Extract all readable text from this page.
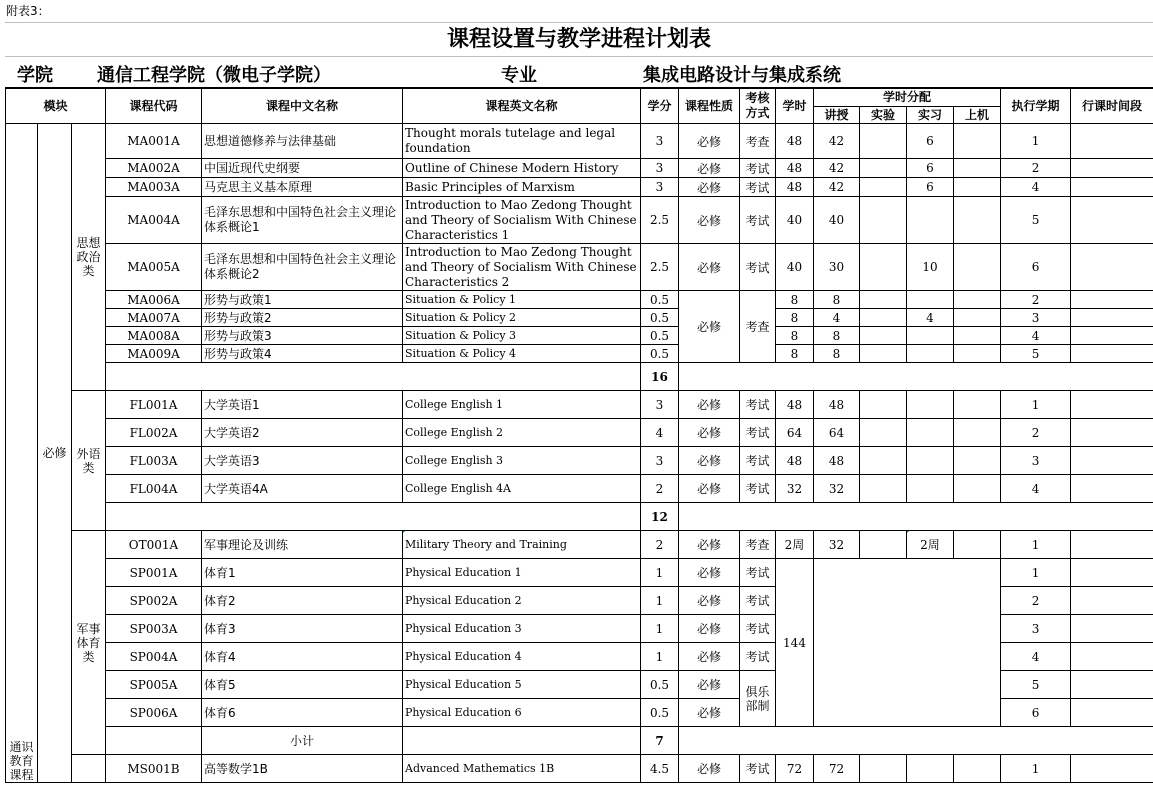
附表3：
课程设置与教学进程计划表
学院 通信工程学院（微电子学院）	专业	集成电路设计与集成系统
模块			课程代码	课程中文名称	课程英文名称	学分	课程性质	考核方式	学时	学时分配				执行学期	行课时间段
										讲授	实验	实习	上机		
通识教育课程	必修	思想政治类	MA001A	思想道德修养与法律基础	Thought morals tutelage and legal foundation	3	必修	考查	48	42		6		1	
			MA002A	中国近现代史纲要	Outline of Chinese Modern History	3	必修	考试	48	42		6		2	
			MA003A	马克思主义基本原理	Basic Principles of Marxism	3	必修	考试	48	42		6		4	
			MA004A	毛泽东思想和中国特色社会主义理论体系概论1	Introduction to Mao Zedong Thought and Theory of Socialism With Chinese Characteristics 1	2.5	必修	考试	40	40				5	
			MA005A	毛泽东思想和中国特色社会主义理论体系概论2	Introduction to Mao Zedong Thought and Theory of Socialism With Chinese Characteristics 2	2.5	必修	考试	40	30		10		6	
			MA006A	形势与政策1	Situation & Policy 1	0.5	必修	考查	8	8				2	
			MA007A	形势与政策2	Situation & Policy 2	0.5			8	4		4		3	
			MA008A	形势与政策3	Situation & Policy 3	0.5			8	8				4	
			MA009A	形势与政策4	Situation & Policy 4	0.5			8	8				5	
						16									
		外语类	FL001A	大学英语1	College English 1	3	必修	考试	48	48				1	
			FL002A	大学英语2	College English 2	4	必修	考试	64	64				2	
			FL003A	大学英语3	College English 3	3	必修	考试	48	48				3	
			FL004A	大学英语4A	College English 4A	2	必修	考试	32	32				4	
						12									
		军事体育类	OT001A	军事理论及训练	Military Theory and Training	2	必修	考查	2周	32		2周		1	
			SP001A	体育1	Physical Education 1	1	必修	考试	144					1	
			SP002A	体育2	Physical Education 2	1	必修	考试						2	
			SP003A	体育3	Physical Education 3	1	必修	考试						3	
			SP004A	体育4	Physical Education 4	1	必修	考试						4	
			SP005A	体育5	Physical Education 5	0.5	必修	俱乐部制						5	
			SP006A	体育6	Physical Education 6	0.5	必修							6	
				小计		7									
			MS001B	高等数学1B	Advanced Mathematics 1B	4.5	必修	考试	72	72				1	
